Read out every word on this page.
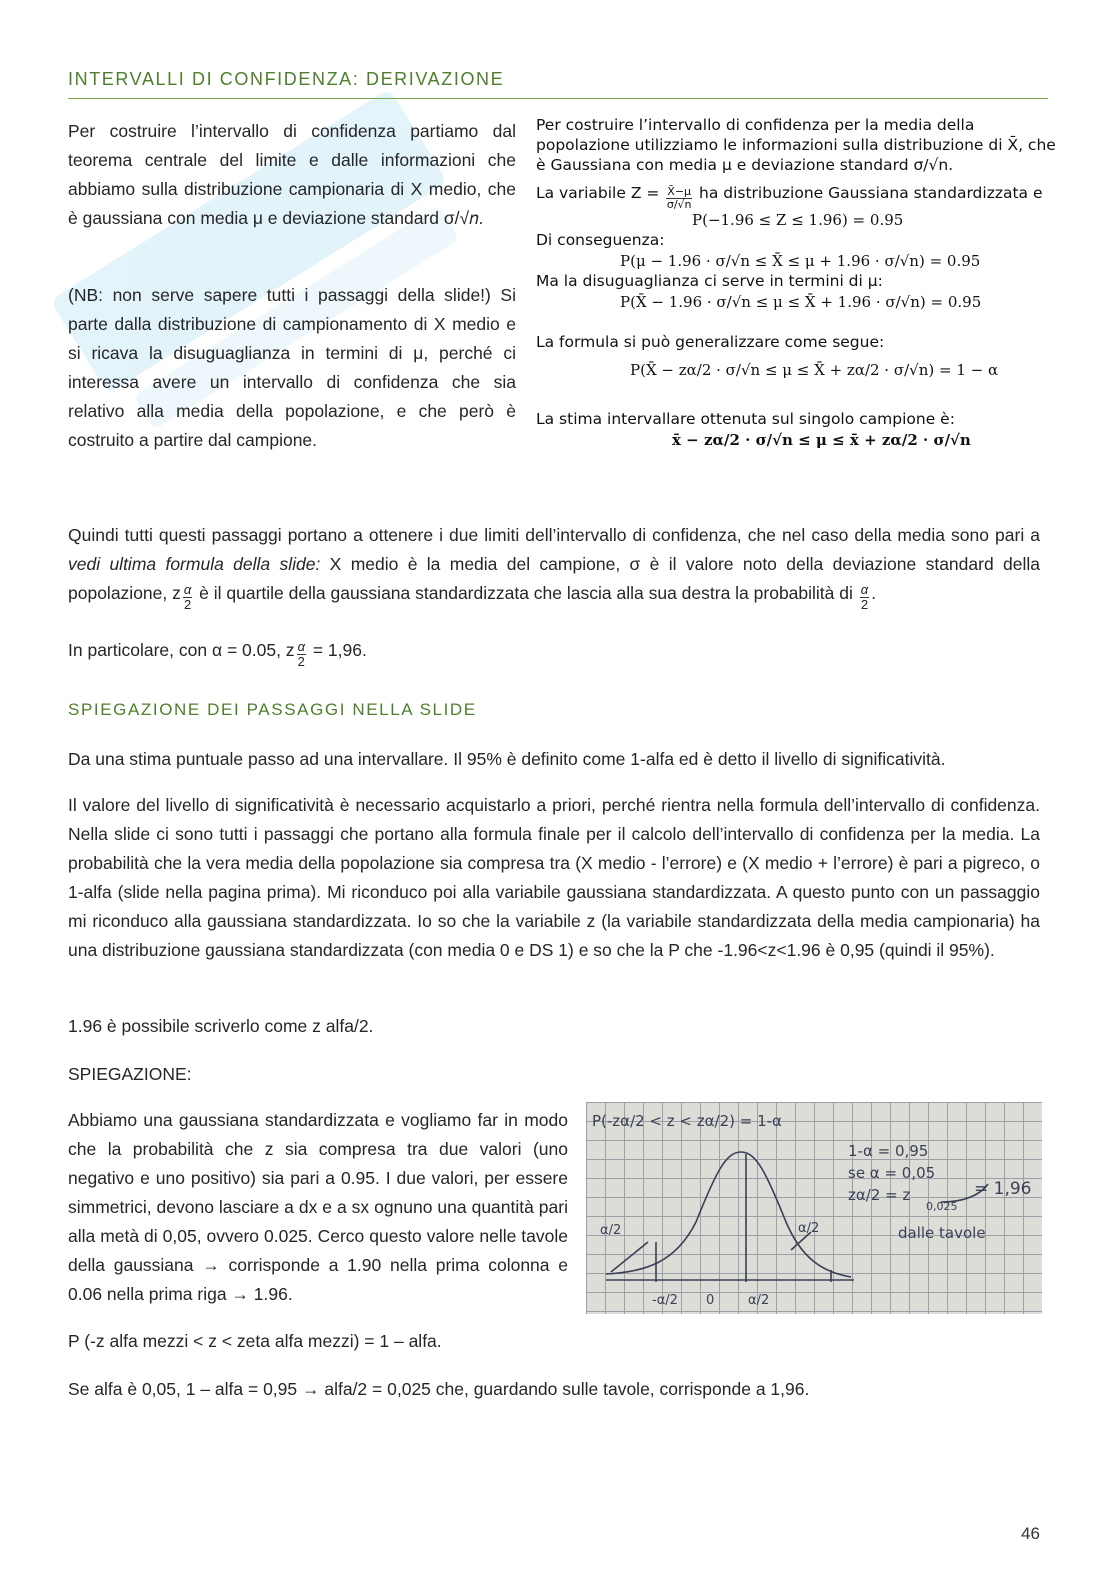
INTERVALLI DI CONFIDENZA: DERIVAZIONE
Per costruire l’intervallo di confidenza partiamo dal teorema centrale del limite e dalle informazioni che abbiamo sulla distribuzione campionaria di X medio, che è gaussiana con media μ e deviazione standard σ/√𝑛.
(NB: non serve sapere tutti i passaggi della slide!) Si parte dalla distribuzione di campionamento di X medio e si ricava la disuguaglianza in termini di μ, perché ci interessa avere un intervallo di confidenza che sia relativo alla media della popolazione, e che però è costruito a partire dal campione.
Per costruire l’intervallo di confidenza per la media della
popolazione utilizziamo le informazioni sulla distribuzione di X̄, che
è Gaussiana con media μ e deviazione standard σ/√n.
La variabile $Z = \frac{X̄-\mu}{\sigma/√n}$ ha distribuzione Gaussiana standardizzata e
P(−1.96 ≤ Z ≤ 1.96) = 0.95
Di conseguenza:
P(μ − 1.96 · σ/√n ≤ X̄ ≤ μ + 1.96 · σ/√n) = 0.95
Ma la disuguaglianza ci serve in termini di μ:
P(X̄ − 1.96 · σ/√n ≤ μ ≤ X̄ + 1.96 · σ/√n) = 0.95
La formula si può generalizzare come segue:
P(X̄ − zα/2 · σ/√n ≤ μ ≤ X̄ + zα/2 · σ/√n) = 1 − α
La stima intervallare ottenuta sul singolo campione è:
x̄ − zα/2 · σ/√n ≤ μ ≤ x̄ + zα/2 · σ/√n
Quindi tutti questi passaggi portano a ottenere i due limiti dell’intervallo di confidenza, che nel caso della media sono pari a vedi ultima formula della slide: X medio è la media del campione, σ è il valore noto della deviazione standard della popolazione, z $\frac{\alpha}{2}$ è il quartile della gaussiana standardizzata che lascia alla sua destra la probabilità di $\frac{\alpha}{2}$ .
In particolare, con α = 0.05, z $\frac{\alpha}{2} = 1,96$.
SPIEGAZIONE DEI PASSAGGI NELLA SLIDE
Da una stima puntuale passo ad una intervallare. Il 95% è definito come 1-alfa ed è detto il livello di significatività.
Il valore del livello di significatività è necessario acquistarlo a priori, perché rientra nella formula dell’intervallo di confidenza. Nella slide ci sono tutti i passaggi che portano alla formula finale per il calcolo dell’intervallo di confidenza per la media. La probabilità che la vera media della popolazione sia compresa tra (X medio - l’errore) e (X medio + l’errore) è pari a pigreco, o 1-alfa (slide nella pagina prima). Mi riconduco poi alla variabile gaussiana standardizzata. A questo punto con un passaggio mi riconduco alla gaussiana standardizzata. Io so che la variabile z (la variabile standardizzata della media campionaria) ha una distribuzione gaussiana standardizzata (con media 0 e DS 1) e so che la P che -1.96<z<1.96 è 0,95 (quindi il 95%).
1.96 è possibile scriverlo come z alfa/2.
SPIEGAZIONE:
Abbiamo una gaussiana standardizzata e vogliamo far in modo che la probabilità che z sia compresa tra due valori (uno negativo e uno positivo) sia pari a 0.95. I due valori, per essere simmetrici, devono lasciare a dx e a sx ognuno una quantità pari alla metà di 0,05, ovvero 0.025. Cerco questo valore nelle tavole della gaussiana → corrisponde a 1.90 nella prima colonna e 0.06 nella prima riga → 1.96.
P(-zα/2 < z < zα/2) = 1-α
1-α = 0,95
se α = 0,05
zα/2 = z
0,025
= 1,96
dalle tavole
α/2	α/2
-α/2 0	α/2
P (-z alfa mezzi < z < zeta alfa mezzi) = 1 – alfa.
Se alfa è 0,05, 1 – alfa = 0,95 → alfa/2 = 0,025 che, guardando sulle tavole, corrisponde a 1,96.
46
